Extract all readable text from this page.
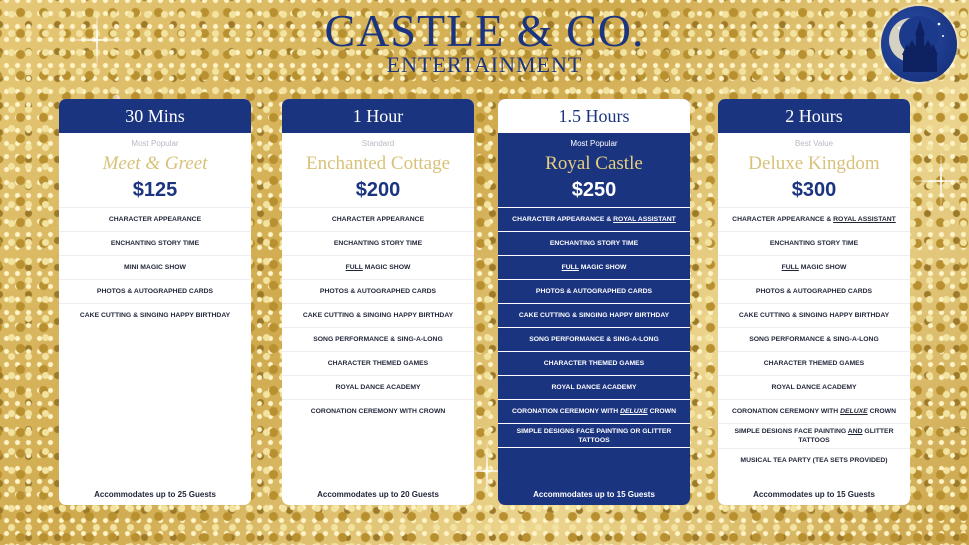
CASTLE & CO.
ENTERTAINMENT
30 Mins
Most Popular
Meet & Greet
$125
CHARACTER APPEARANCE
ENCHANTING STORY TIME
MINI MAGIC SHOW
PHOTOS & AUTOGRAPHED CARDS
CAKE CUTTING & SINGING HAPPY BIRTHDAY
Accommodates up to 25 Guests
1 Hour
Standard
Enchanted Cottage
$200
CHARACTER APPEARANCE
ENCHANTING STORY TIME
FULL MAGIC SHOW
PHOTOS & AUTOGRAPHED CARDS
CAKE CUTTING & SINGING HAPPY BIRTHDAY
SONG PERFORMANCE & SING-A-LONG
CHARACTER THEMED GAMES
ROYAL DANCE ACADEMY
CORONATION CEREMONY WITH CROWN
Accommodates up to 20 Guests
1.5 Hours
Most Popular
Royal Castle
$250
CHARACTER APPEARANCE & ROYAL ASSISTANT
ENCHANTING STORY TIME
FULL MAGIC SHOW
PHOTOS & AUTOGRAPHED CARDS
CAKE CUTTING & SINGING HAPPY BIRTHDAY
SONG PERFORMANCE & SING-A-LONG
CHARACTER THEMED GAMES
ROYAL DANCE ACADEMY
CORONATION CEREMONY WITH DELUXE CROWN
SIMPLE DESIGNS FACE PAINTING OR GLITTER TATTOOS
Accommodates up to 15 Guests
2 Hours
Best Value
Deluxe Kingdom
$300
CHARACTER APPEARANCE & ROYAL ASSISTANT
ENCHANTING STORY TIME
FULL MAGIC SHOW
PHOTOS & AUTOGRAPHED CARDS
CAKE CUTTING & SINGING HAPPY BIRTHDAY
SONG PERFORMANCE & SING-A-LONG
CHARACTER THEMED GAMES
ROYAL DANCE ACADEMY
CORONATION CEREMONY WITH DELUXE CROWN
SIMPLE DESIGNS FACE PAINTING AND GLITTER TATTOOS
MUSICAL TEA PARTY (TEA SETS PROVIDED)
Accommodates up to 15 Guests
